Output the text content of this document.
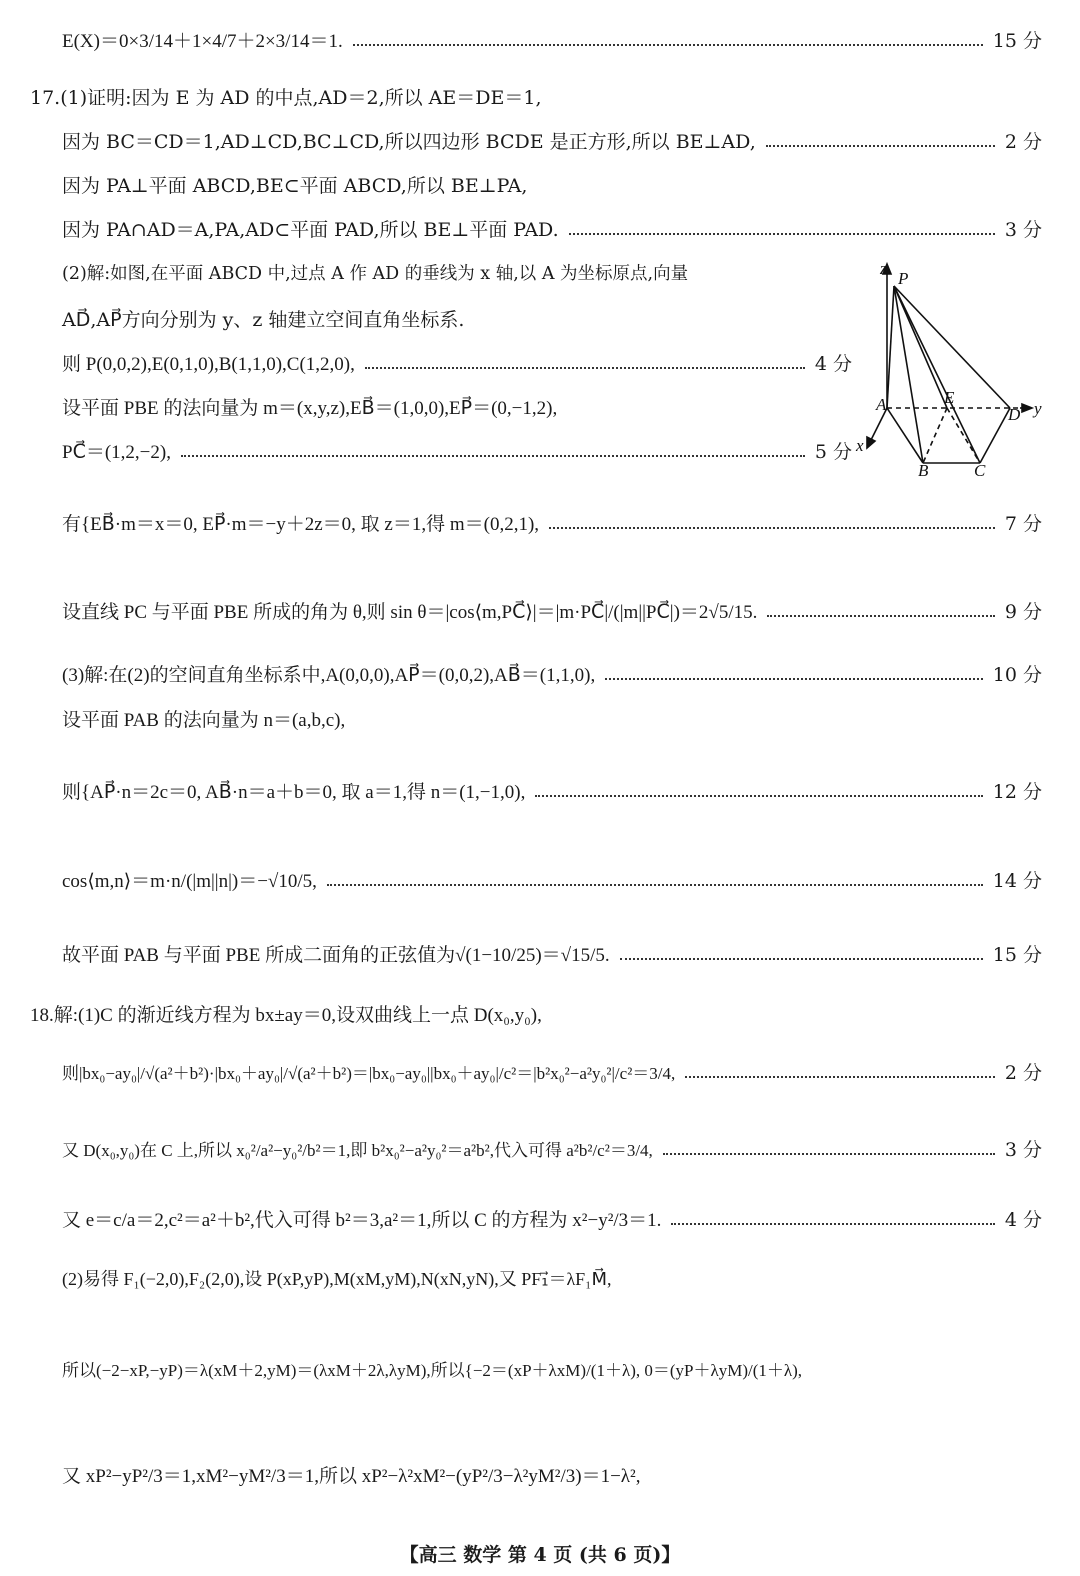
E(X)＝0×3/14＋1×4/7＋2×3/14＝1.	15 分
17.(1)证明:因为 E 为 AD 的中点,AD＝2,所以 AE＝DE＝1,
因为 BC＝CD＝1,AD⊥CD,BC⊥CD,所以四边形 BCDE 是正方形,所以 BE⊥AD,	2 分
因为 PA⊥平面 ABCD,BE⊂平面 ABCD,所以 BE⊥PA,
因为 PA∩AD＝A,PA,AD⊂平面 PAD,所以 BE⊥平面 PAD.	3 分
(2)解:如图,在平面 ABCD 中,过点 A 作 AD 的垂线为 x 轴,以 A 为坐标原点,向量
AD⃗,AP⃗方向分别为 y、z 轴建立空间直角坐标系.
则 P(0,0,2),E(0,1,0),B(1,1,0),C(1,2,0),	4 分
设平面 PBE 的法向量为 m＝(x,y,z),EB⃗＝(1,0,0),EP⃗＝(0,−1,2),
PC⃗＝(1,2,−2),	5 分
有{EB⃗·m＝x＝0, EP⃗·m＝−y＋2z＝0, 取 z＝1,得 m＝(0,2,1),	7 分
设直线 PC 与平面 PBE 所成的角为 θ,则 sin θ＝|cos⟨m,PC⃗⟩|＝|m·PC⃗|/(|m||PC⃗|)＝2√5/15.	9 分
(3)解:在(2)的空间直角坐标系中,A(0,0,0),AP⃗＝(0,0,2),AB⃗＝(1,1,0),	10 分
设平面 PAB 的法向量为 n＝(a,b,c),
则{AP⃗·n＝2c＝0, AB⃗·n＝a＋b＝0, 取 a＝1,得 n＝(1,−1,0),	12 分
cos⟨m,n⟩＝m·n/(|m||n|)＝−√10/5,	14 分
故平面 PAB 与平面 PBE 所成二面角的正弦值为√(1−10/25)＝√15/5.	15 分
18.解:(1)C 的渐近线方程为 bx±ay＝0,设双曲线上一点 D(x₀,y₀),
则|bx₀−ay₀|/√(a²＋b²)·|bx₀＋ay₀|/√(a²＋b²)＝|bx₀−ay₀||bx₀＋ay₀|/c²＝|b²x₀²−a²y₀²|/c²＝3/4,	2 分
又 D(x₀,y₀)在 C 上,所以 x₀²/a²−y₀²/b²＝1,即 b²x₀²−a²y₀²＝a²b²,代入可得 a²b²/c²＝3/4,	3 分
又 e＝c/a＝2,c²＝a²＋b²,代入可得 b²＝3,a²＝1,所以 C 的方程为 x²−y²/3＝1.	4 分
(2)易得 F₁(−2,0),F₂(2,0),设 P(xP,yP),M(xM,yM),N(xN,yN),又 PF₁⃗＝λF₁M⃗,
所以(−2−xP,−yP)＝λ(xM＋2,yM)＝(λxM＋2λ,λyM),所以{−2＝(xP＋λxM)/(1＋λ), 0＝(yP＋λyM)/(1＋λ),
又 xP²−yP²/3＝1,xM²−yM²/3＝1,所以 xP²−λ²xM²−(yP²/3−λ²yM²/3)＝1−λ²,
z
P
A	E
D y
x
B	C
【高三 数学 第 4 页 (共 6 页)】
